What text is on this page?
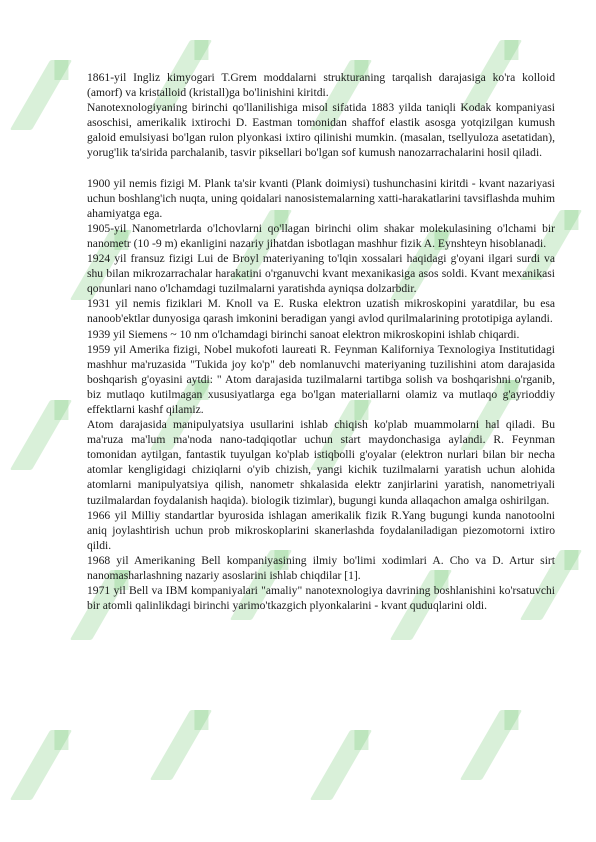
1861-yil Ingliz kimyogari T.Grem moddalarni strukturaning tarqalish darajasiga ko'ra kolloid (amorf) va kristalloid (kristall)ga bo'linishini kiritdi.

Nanotexnologiyaning birinchi qo'llanilishiga misol sifatida 1883 yilda taniqli Kodak kompaniyasi asoschisi, amerikalik ixtirochi D. Eastman tomonidan shaffof elastik asosga yotqizilgan kumush galoid emulsiyasi bo'lgan rulon plyonkasi ixtiro qilinishi mumkin. (masalan, tsellyuloza asetatidan), yorug'lik ta'sirida parchalanib, tasvir piksellari bo'lgan sof kumush nanozarrachalarini hosil qiladi.

1900 yil nemis fizigi M. Plank ta'sir kvanti (Plank doimiysi) tushunchasini kiritdi - kvant nazariyasi uchun boshlang'ich nuqta, uning qoidalari nanosistemalarning xatti-harakatlarini tavsiflashda muhim ahamiyatga ega.

1905-yil Nanometrlarda o'lchovlarni qo'llagan birinchi olim shakar molekulasining o'lchami bir nanometr (10 -9 m) ekanligini nazariy jihatdan isbotlagan mashhur fizik A. Eynshteyn hisoblanadi.

1924 yil fransuz fizigi Lui de Broyl materiyaning to'lqin xossalari haqidagi g'oyani ilgari surdi va shu bilan mikrozarrachalar harakatini o'rganuvchi kvant mexanikasiga asos soldi. Kvant mexanikasi qonunlari nano o'lchamdagi tuzilmalarni yaratishda ayniqsa dolzarbdir.

1931 yil nemis fiziklari M. Knoll va E. Ruska elektron uzatish mikroskopini yaratdilar, bu esa nanoob'ektlar dunyosiga qarash imkonini beradigan yangi avlod qurilmalarining prototipiga aylandi.

1939 yil Siemens ~ 10 nm o'lchamdagi birinchi sanoat elektron mikroskopini ishlab chiqardi.

1959 yil Amerika fizigi, Nobel mukofoti laureati R. Feynman Kaliforniya Texnologiya Institutidagi mashhur ma'ruzasida "Tukida joy ko'p" deb nomlanuvchi materiyaning tuzilishini atom darajasida boshqarish g'oyasini aytdi: " Atom darajasida tuzilmalarni tartibga solish va boshqarishni o'rganib, biz mutlaqo kutilmagan xususiyatlarga ega bo'lgan materiallarni olamiz va mutlaqo g'ayrioddiy effektlarni kashf qilamiz.

Atom darajasida manipulyatsiya usullarini ishlab chiqish ko'plab muammolarni hal qiladi. Bu ma'ruza ma'lum ma'noda nano-tadqiqotlar uchun start maydonchasiga aylandi. R. Feynman tomonidan aytilgan, fantastik tuyulgan ko'plab istiqbolli g'oyalar (elektron nurlari bilan bir necha atomlar kengligidagi chiziqlarni o'yib chizish, yangi kichik tuzilmalarni yaratish uchun alohida atomlarni manipulyatsiya qilish, nanometr shkalasida elektr zanjirlarini yaratish, nanometriyali tuzilmalardan foydalanish haqida). biologik tizimlar), bugungi kunda allaqachon amalga oshirilgan.

1966 yil Milliy standartlar byurosida ishlagan amerikalik fizik R.Yang bugungi kunda nanotoolni aniq joylashtirish uchun prob mikroskoplarini skanerlashda foydalaniladigan piezomotorni ixtiro qildi.

1968 yil Amerikaning Bell kompaniyasining ilmiy bo'limi xodimlari A. Cho va D. Artur sirt nanomasharlashning nazariy asoslarini ishlab chiqdilar [1].

1971 yil Bell va IBM kompaniyalari "amaliy" nanotexnologiya davrining boshlanishini ko'rsatuvchi bir atomli qalinlikdagi birinchi yarimo'tkazgich plyonkalarini - kvant quduqlarini oldi.
